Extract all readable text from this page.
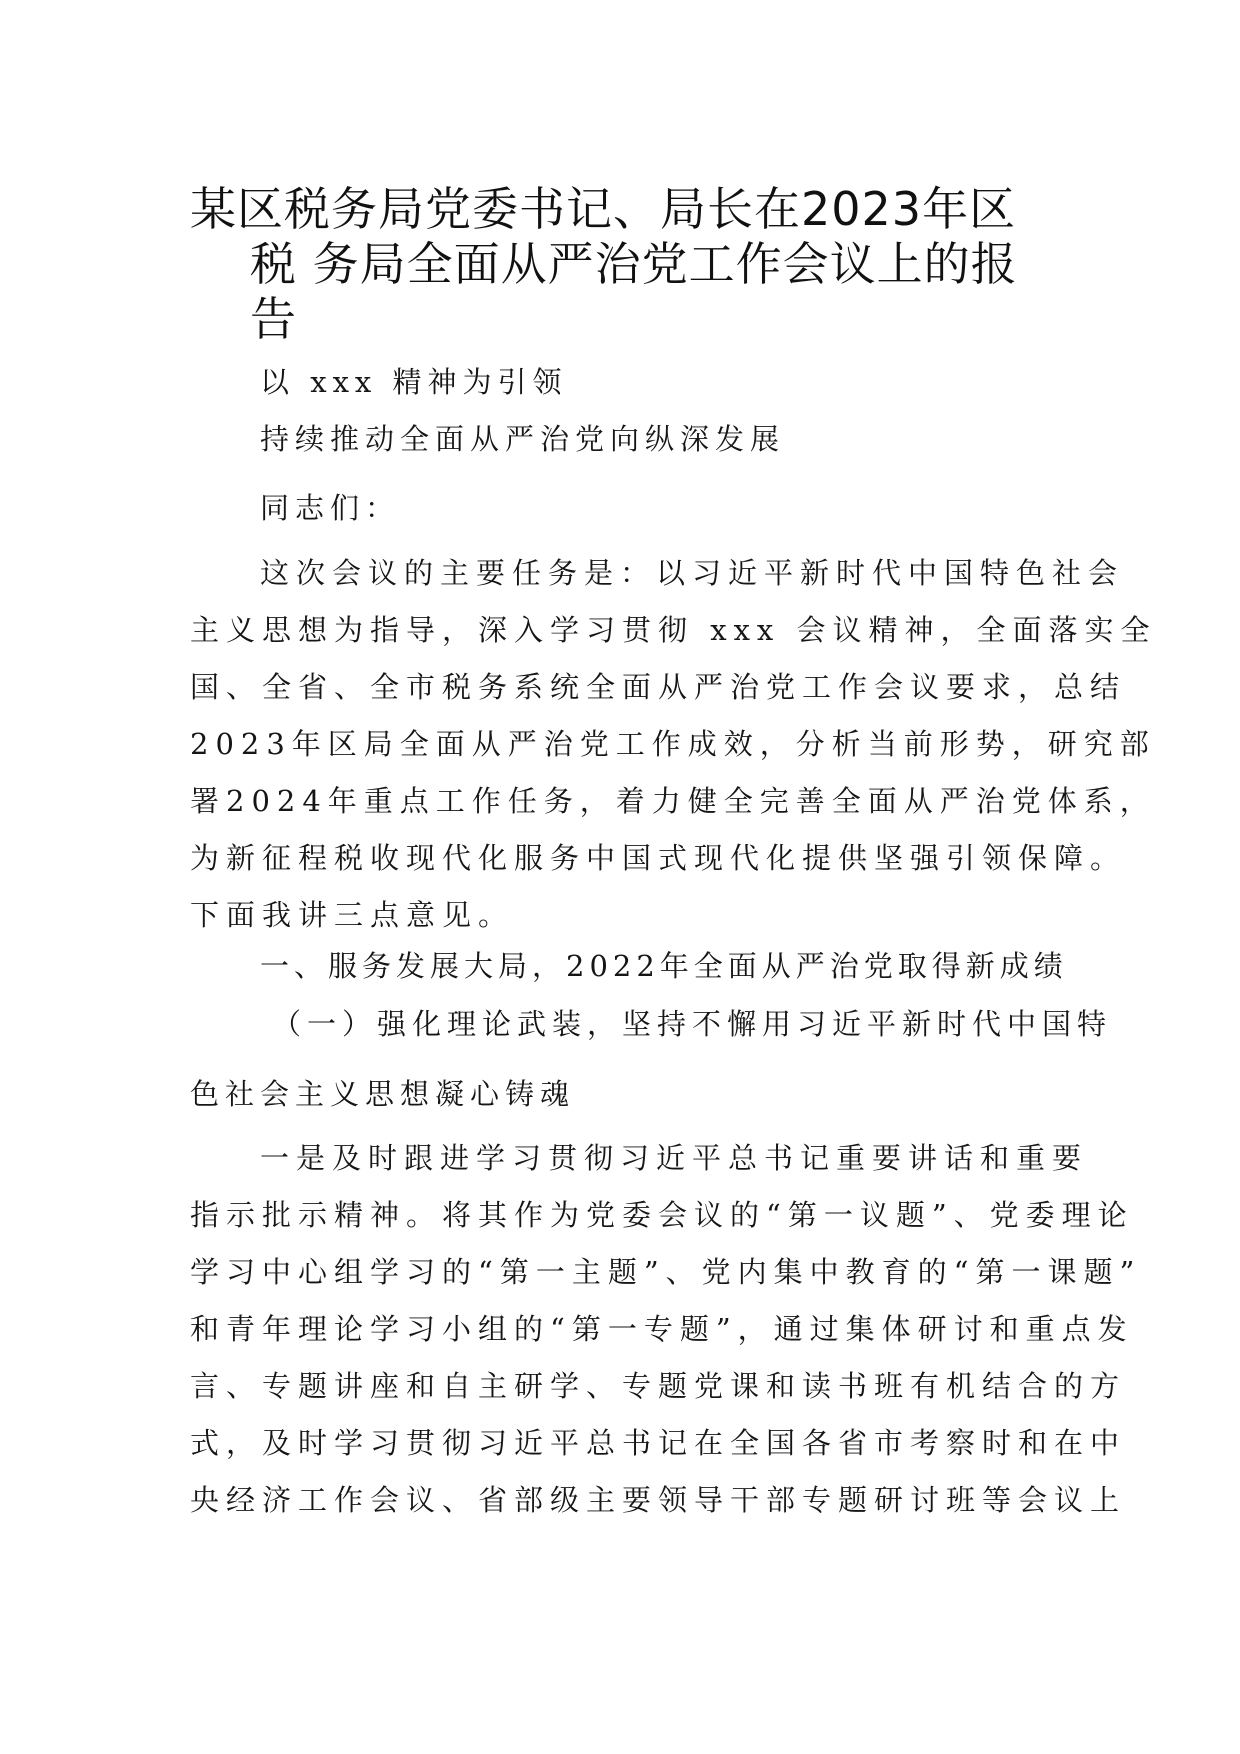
某区税务局党委书记、局长在2023年区
税 务局全面从严治党工作会议上的报
告
以 xxx 精神为引领
持续推动全面从严治党向纵深发展
同志们：
这次会议的主要任务是：以习近平新时代中国特色社会
主义思想为指导，深入学习贯彻 xxx 会议精神，全面落实全
国、全省、全市税务系统全面从严治党工作会议要求，总结
2023年区局全面从严治党工作成效，分析当前形势，研究部
署2024年重点工作任务，着力健全完善全面从严治党体系，
为新征程税收现代化服务中国式现代化提供坚强引领保障。
下面我讲三点意见。
一、服务发展大局，2022年全面从严治党取得新成绩
（一）强化理论武装，坚持不懈用习近平新时代中国特
色社会主义思想凝心铸魂
一是及时跟进学习贯彻习近平总书记重要讲话和重要
指示批示精神。将其作为党委会议的“第一议题”、党委理论
学习中心组学习的“第一主题”、党内集中教育的“第一课题”
和青年理论学习小组的“第一专题”，通过集体研讨和重点发
言、专题讲座和自主研学、专题党课和读书班有机结合的方
式，及时学习贯彻习近平总书记在全国各省市考察时和在中
央经济工作会议、省部级主要领导干部专题研讨班等会议上
